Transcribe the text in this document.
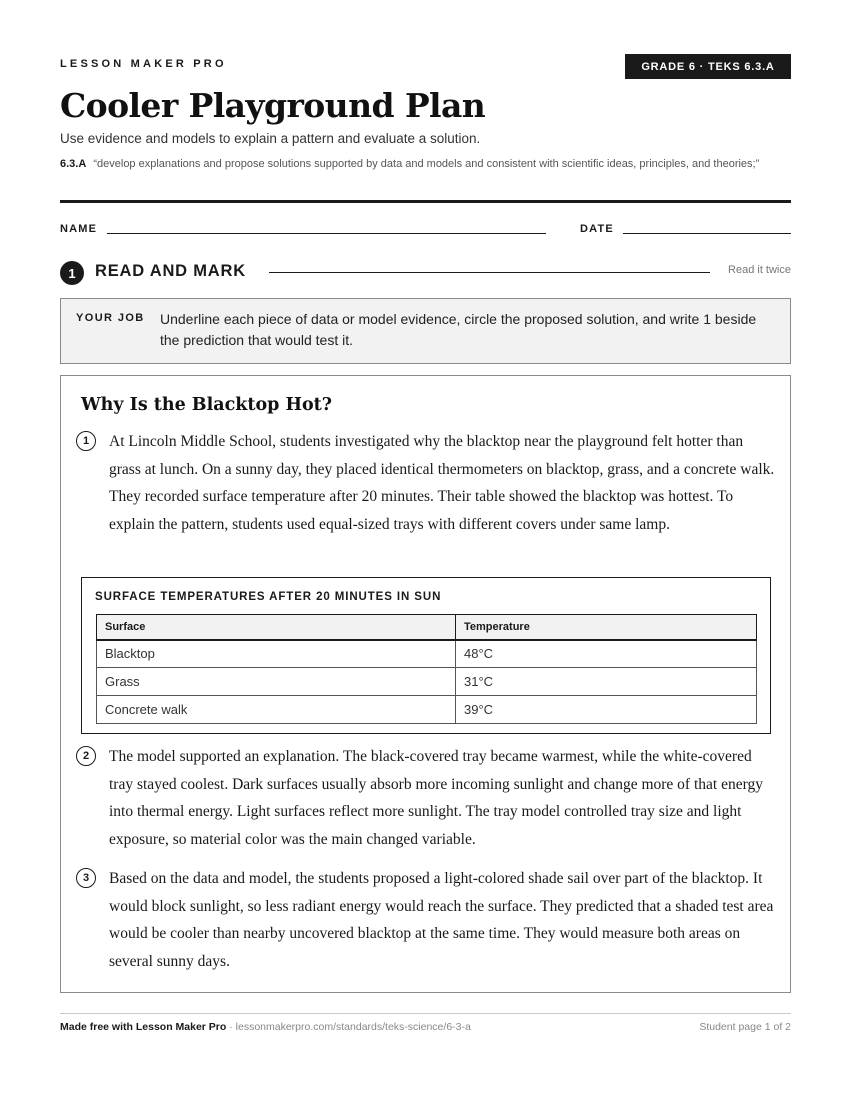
LESSON MAKER PRO	GRADE 6 · TEKS 6.3.A
Cooler Playground Plan
Use evidence and models to explain a pattern and evaluate a solution.
6.3.A “develop explanations and propose solutions supported by data and models and consistent with scientific ideas, principles, and theories;”
NAME	DATE
1	READ AND MARK	Read it twice
YOUR JOB Underline each piece of data or model evidence, circle the proposed solution, and write 1 beside the prediction that would test it.
Why Is the Blacktop Hot?
1	At Lincoln Middle School, students investigated why the blacktop near the playground felt hotter than grass at lunch. On a sunny day, they placed identical thermometers on blacktop, grass, and a concrete walk. They recorded surface temperature after 20 minutes. Their table showed the blacktop was hottest. To explain the pattern, students used equal-sized trays with different covers under same lamp.

SURFACE TEMPERATURES AFTER 20 MINUTES IN SUN
Surface	Temperature
Blacktop	48°C
Grass	31°C
Concrete walk	39°C
2	The model supported an explanation. The black-covered tray became warmest, while the white-covered tray stayed coolest. Dark surfaces usually absorb more incoming sunlight and change more of that energy into thermal energy. Light surfaces reflect more sunlight. The tray model controlled tray size and light exposure, so material color was the main changed variable.

3	Based on the data and model, the students proposed a light-colored shade sail over part of the blacktop. It would block sunlight, so less radiant energy would reach the surface. They predicted that a shaded test area would be cooler than nearby uncovered blacktop at the same time. They would measure both areas on several sunny days.

Made free with Lesson Maker Pro · lessonmakerpro.com/standards/teks-science/6-3-a	Student page 1 of 2
